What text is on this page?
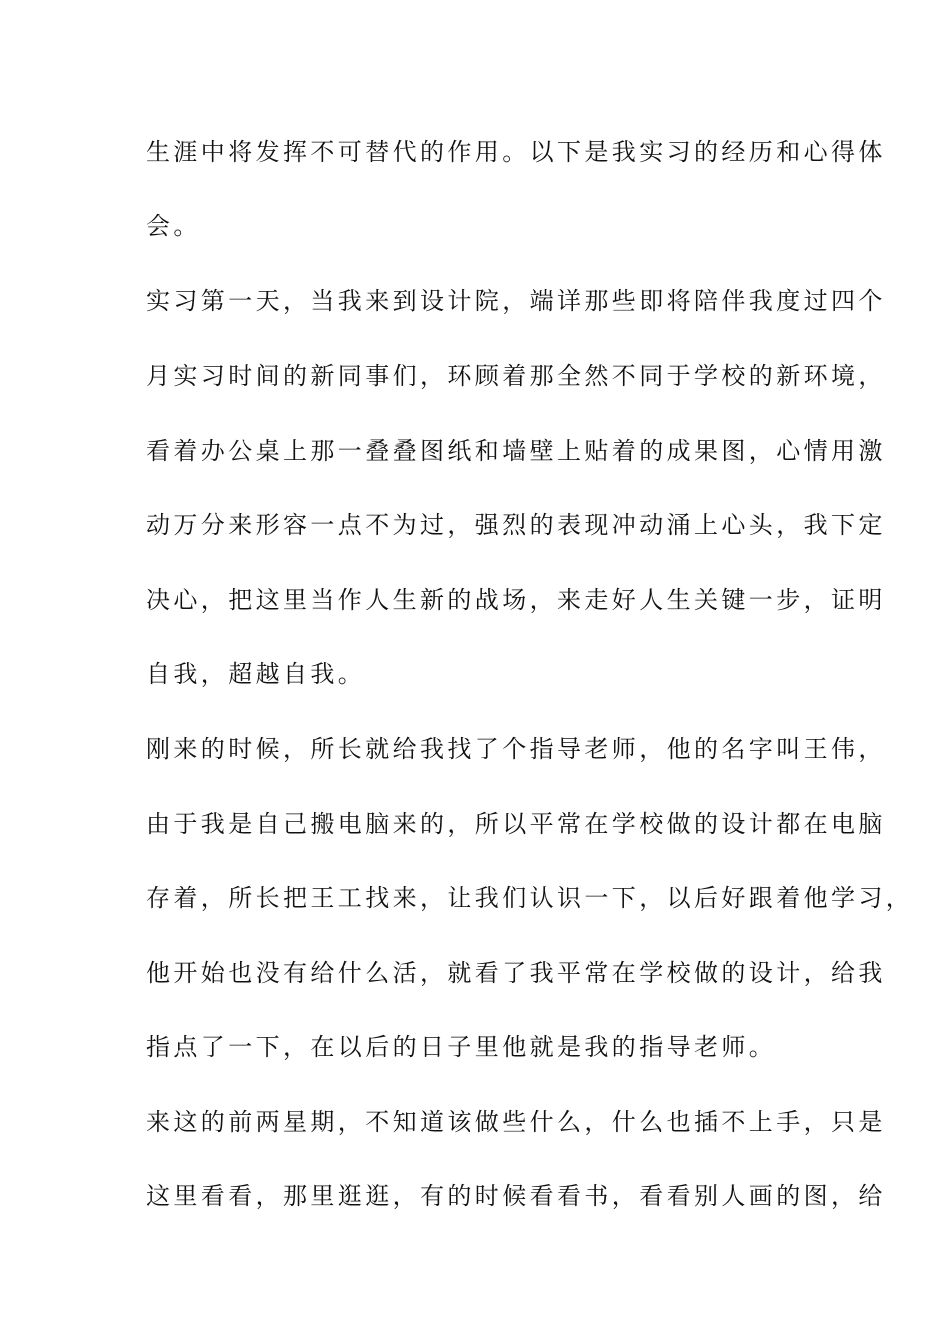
生涯中将发挥不可替代的作用。以下是我实习的经历和心得体
会。
实习第一天，当我来到设计院，端详那些即将陪伴我度过四个
月实习时间的新同事们，环顾着那全然不同于学校的新环境，
看着办公桌上那一叠叠图纸和墙壁上贴着的成果图，心情用激
动万分来形容一点不为过，强烈的表现冲动涌上心头，我下定
决心，把这里当作人生新的战场，来走好人生关键一步，证明
自我，超越自我。
刚来的时候，所长就给我找了个指导老师，他的名字叫王伟，
由于我是自己搬电脑来的，所以平常在学校做的设计都在电脑
存着，所长把王工找来，让我们认识一下，以后好跟着他学习，
他开始也没有给什么活，就看了我平常在学校做的设计，给我
指点了一下，在以后的日子里他就是我的指导老师。
来这的前两星期，不知道该做些什么，什么也插不上手，只是
这里看看，那里逛逛，有的时候看看书，看看别人画的图，给
